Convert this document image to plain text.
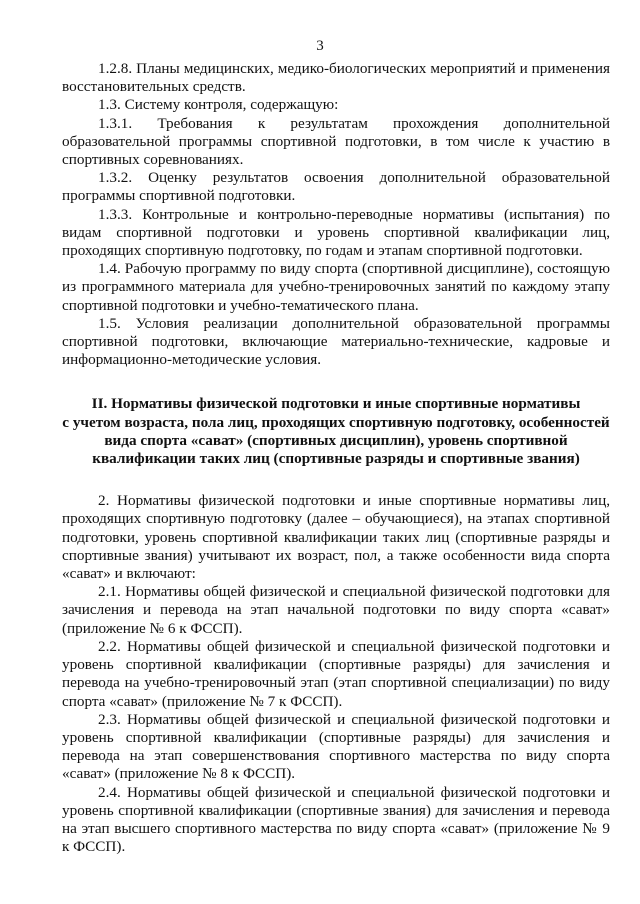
3

1.2.8. Планы медицинских, медико-биологических мероприятий и применения восстановительных средств.

1.3. Систему контроля, содержащую:

1.3.1. Требования к результатам прохождения дополнительной образовательной программы спортивной подготовки, в том числе к участию в спортивных соревнованиях.

1.3.2. Оценку результатов освоения дополнительной образовательной программы спортивной подготовки.

1.3.3. Контрольные и контрольно-переводные нормативы (испытания) по видам спортивной подготовки и уровень спортивной квалификации лиц, проходящих спортивную подготовку, по годам и этапам спортивной подготовки.

1.4. Рабочую программу по виду спорта (спортивной дисциплине), состоящую из программного материала для учебно-тренировочных занятий по каждому этапу спортивной подготовки и учебно-тематического плана.

1.5. Условия реализации дополнительной образовательной программы спортивной подготовки, включающие материально-технические, кадровые и информационно-методические условия.

II. Нормативы физической подготовки и иные спортивные нормативы
с учетом возраста, пола лиц, проходящих спортивную подготовку, особенностей
вида спорта «сават» (спортивных дисциплин), уровень спортивной
квалификации таких лиц (спортивные разряды и спортивные звания)

2. Нормативы физической подготовки и иные спортивные нормативы лиц, проходящих спортивную подготовку (далее – обучающиеся), на этапах спортивной подготовки, уровень спортивной квалификации таких лиц (спортивные разряды и спортивные звания) учитывают их возраст, пол, а также особенности вида спорта «сават» и включают:

2.1. Нормативы общей физической и специальной физической подготовки для зачисления и перевода на этап начальной подготовки по виду спорта «сават» (приложение № 6 к ФССП).

2.2. Нормативы общей физической и специальной физической подготовки и уровень спортивной квалификации (спортивные разряды) для зачисления и перевода на учебно-тренировочный этап (этап спортивной специализации) по виду спорта «сават» (приложение № 7 к ФССП).

2.3. Нормативы общей физической и специальной физической подготовки и уровень спортивной квалификации (спортивные разряды) для зачисления и перевода на этап совершенствования спортивного мастерства по виду спорта «сават» (приложение № 8 к ФССП).

2.4. Нормативы общей физической и специальной физической подготовки и уровень спортивной квалификации (спортивные звания) для зачисления и перевода на этап высшего спортивного мастерства по виду спорта «сават» (приложение № 9 к ФССП).
